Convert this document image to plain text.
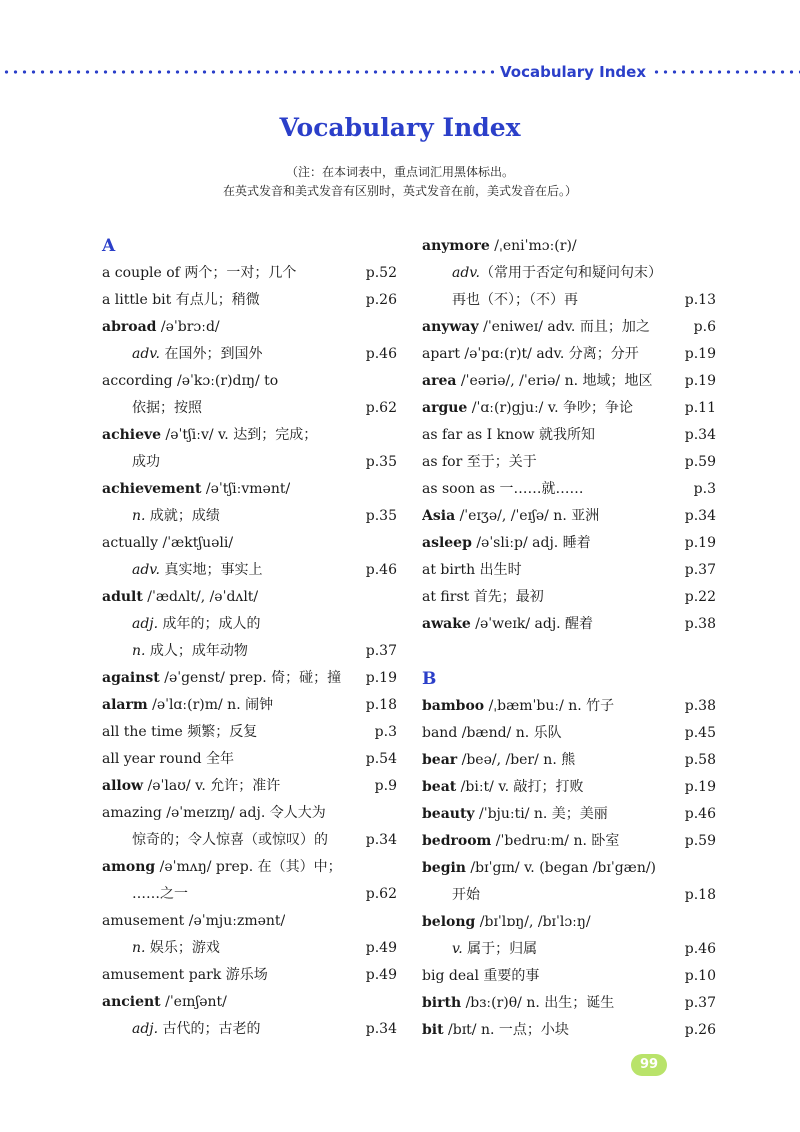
Vocabulary Index
Vocabulary Index
（注：在本词表中，重点词汇用黑体标出。
在英式发音和美式发音有区别时，英式发音在前，美式发音在后。）
A
a couple of 两个；一对；几个	p.52
a little bit 有点儿；稍微	p.26
abroad /əˈbrɔːd/
adv. 在国外；到国外	p.46
according /əˈkɔː(r)dɪŋ/ to
依据；按照	p.62
achieve /əˈtʃiːv/ v. 达到；完成；
成功	p.35
achievement /əˈtʃiːvmənt/
n. 成就；成绩	p.35
actually /ˈæktʃuəli/
adv. 真实地；事实上	p.46
adult /ˈædʌlt/, /əˈdʌlt/
adj. 成年的；成人的
n. 成人；成年动物	p.37
against /əˈgenst/ prep. 倚；碰；撞 p.19
alarm /əˈlɑː(r)m/ n. 闹钟	p.18
all the time 频繁；反复	p.3
all year round 全年	p.54
allow /əˈlaʊ/ v. 允许；准许	p.9
amazing /əˈmeɪzɪŋ/ adj. 令人大为
惊奇的；令人惊喜（或惊叹）的	p.34
among /əˈmʌŋ/ prep. 在（其）中；
……之一	p.62
amusement /əˈmjuːzmənt/
n. 娱乐；游戏	p.49
amusement park 游乐场	p.49
ancient /ˈeɪnʃənt/
adj. 古代的；古老的	p.34
anymore /ˌeniˈmɔː(r)/
adv.（常用于否定句和疑问句末）
再也（不）；（不）再	p.13
anyway /ˈeniweɪ/ adv. 而且；加之	p.6
apart /əˈpɑː(r)t/ adv. 分离；分开	p.19
area /ˈeəriə/, /ˈeriə/ n. 地域；地区 p.19
argue /ˈɑː(r)gjuː/ v. 争吵；争论	p.11
as far as I know 就我所知	p.34
as for 至于；关于	p.59
as soon as 一……就……	p.3
Asia /ˈeɪʒə/, /ˈeɪʃə/ n. 亚洲	p.34
asleep /əˈsliːp/ adj. 睡着	p.19
at birth 出生时	p.37
at first 首先；最初	p.22
awake /əˈweɪk/ adj. 醒着	p.38
B
bamboo /ˌbæmˈbuː/ n. 竹子	p.38
band /bænd/ n. 乐队	p.45
bear /beə/, /ber/ n. 熊	p.58
beat /biːt/ v. 敲打；打败	p.19
beauty /ˈbjuːti/ n. 美；美丽	p.46
bedroom /ˈbedruːm/ n. 卧室	p.59
begin /bɪˈgɪn/ v. (began /bɪˈgæn/)
开始	p.18
belong /bɪˈlɒŋ/, /bɪˈlɔːŋ/
v. 属于；归属	p.46
big deal 重要的事	p.10
birth /bɜː(r)θ/ n. 出生；诞生	p.37
bit /bɪt/ n. 一点；小块	p.26
99
